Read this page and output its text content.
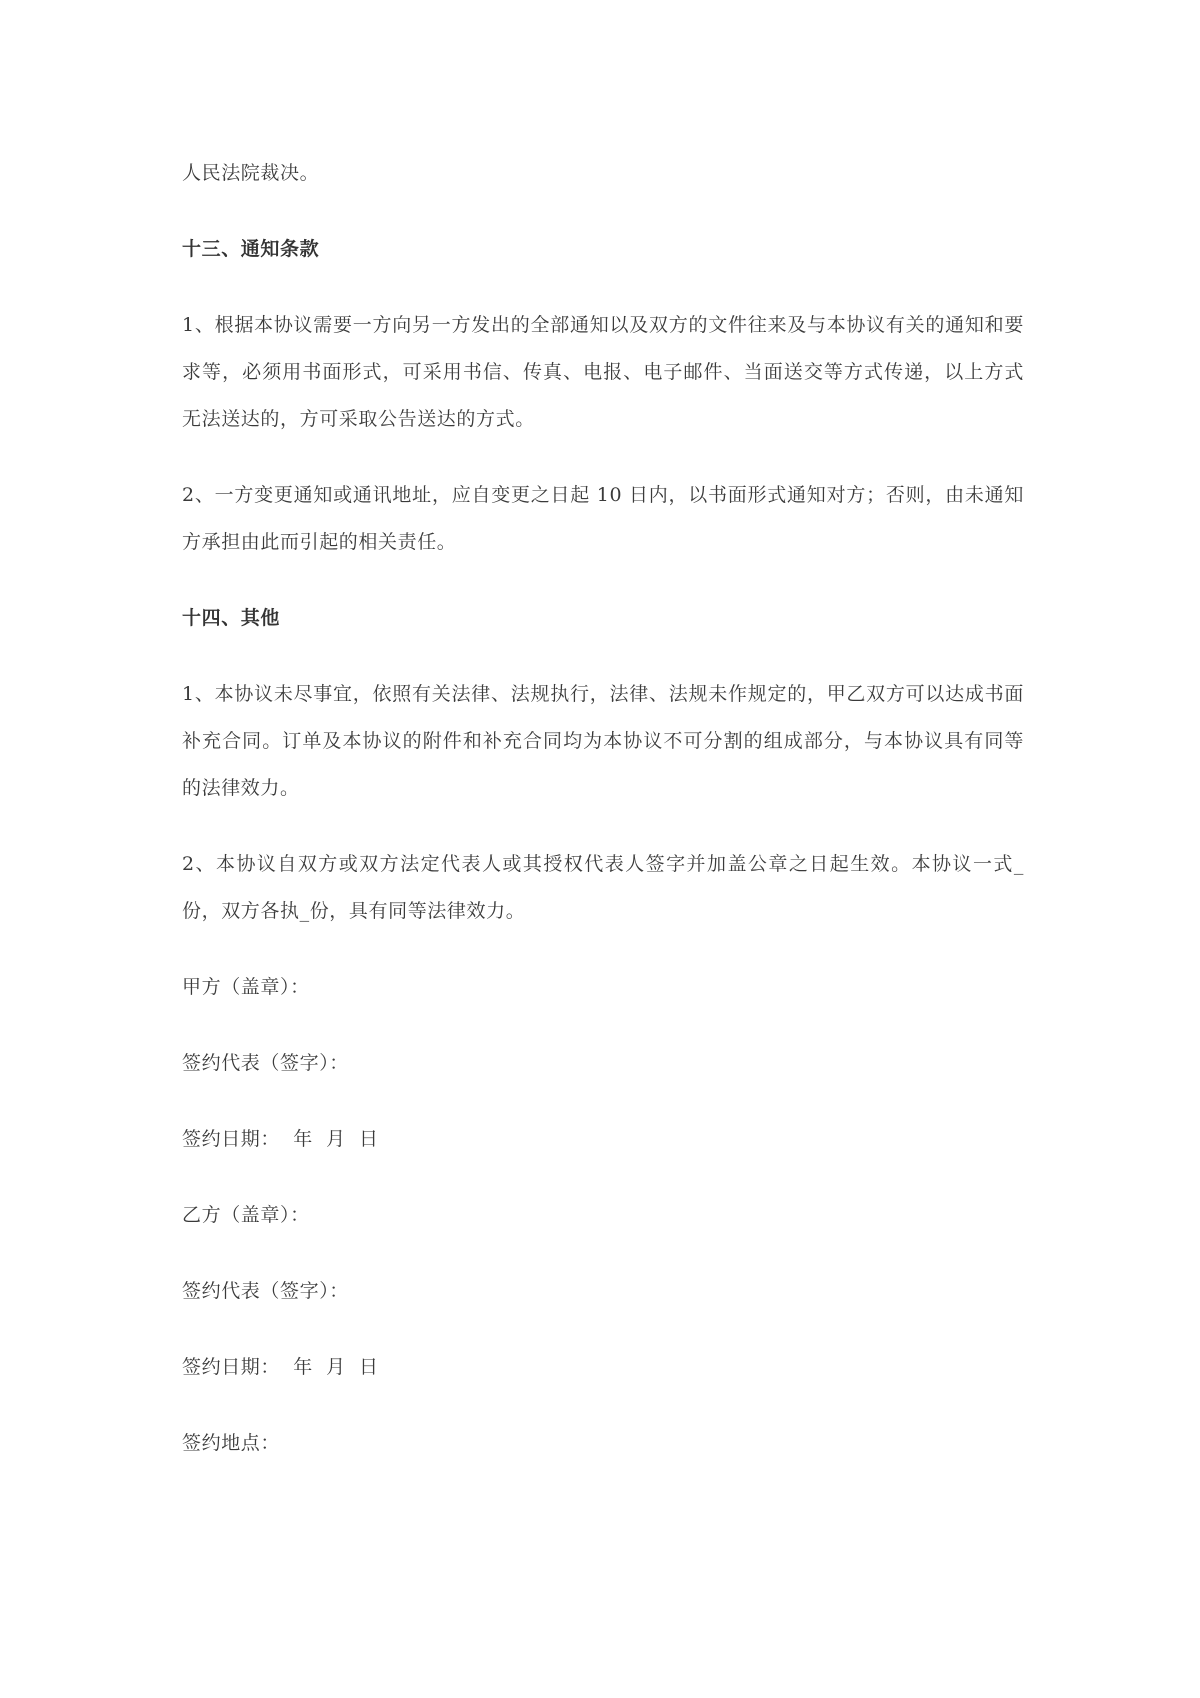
人民法院裁决。

十三、通知条款

1、根据本协议需要一方向另一方发出的全部通知以及双方的文件往来及与本协议有关的通知和要求等，必须用书面形式，可采用书信、传真、电报、电子邮件、当面送交等方式传递，以上方式无法送达的，方可采取公告送达的方式。

2、一方变更通知或通讯地址，应自变更之日起 10 日内，以书面形式通知对方；否则，由未通知方承担由此而引起的相关责任。

十四、其他

1、本协议未尽事宜，依照有关法律、法规执行，法律、法规未作规定的，甲乙双方可以达成书面补充合同。订单及本协议的附件和补充合同均为本协议不可分割的组成部分，与本协议具有同等的法律效力。

2、本协议自双方或双方法定代表人或其授权代表人签字并加盖公章之日起生效。本协议一式_份，双方各执_份，具有同等法律效力。

甲方（盖章）：

签约代表（签字）：

签约日期：  年  月  日

乙方（盖章）：

签约代表（签字）：

签约日期：  年  月  日

签约地点：
